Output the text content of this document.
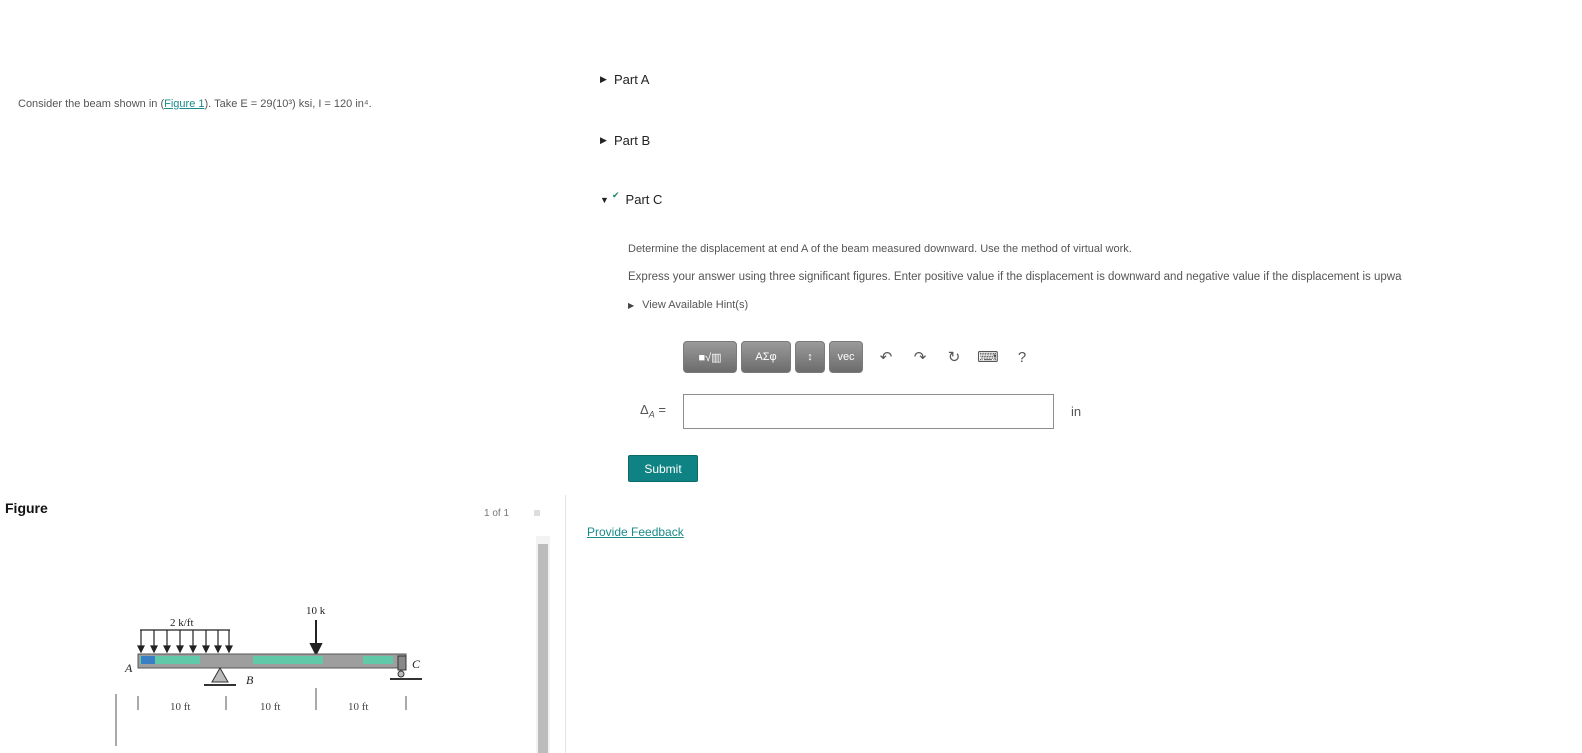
Consider the beam shown in (Figure 1). Take E = 29(10³) ksi, I = 120 in⁴.
Figure	1 of 1
2 k/ft
10 k
A	C
B
10 ft	10 ft	10 ft
▶ Part A
▶ Part B
▼ ✔ Part C
Determine the displacement at end A of the beam measured downward. Use the method of virtual work.
Express your answer using three significant figures. Enter positive value if the displacement is downward and negative value if the displacement is upwa
▶ View Available Hint(s)
■√▥	ΑΣφ	↕	vec	↶	↷	↻	⌨	?
$\Delta_A$ =	in
Submit
Provide Feedback
